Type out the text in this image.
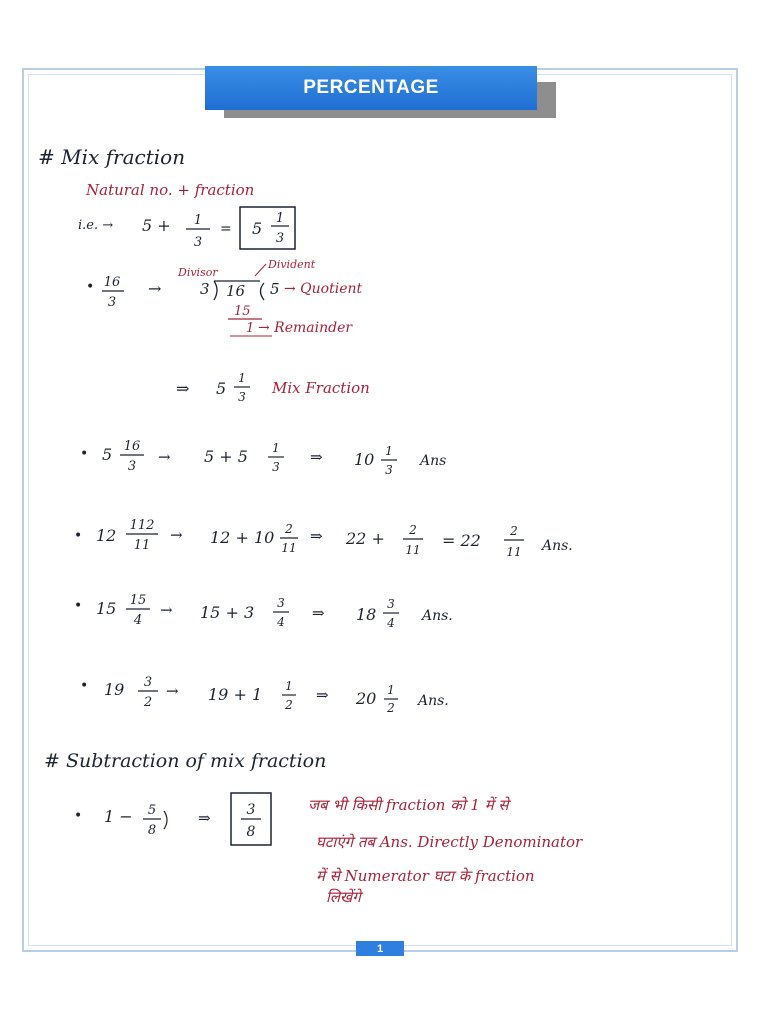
PERCENTAGE
# Mix fraction
Natural no. + fraction
i.e. → 5 + 1
3
= 5
1
3
• 16
3
→
Divisor
Divident
3 16 5 → Quotient
15
1 → Remainder
⇒ 5
1
3 Mix Fraction
• 5 16
3
→ 5 + 5 1
3
⇒ 10 1
3
Ans
• 12
112
11
→ 12 + 10 2
11
⇒ 22 + 2
11 = 22 2
11 Ans.
• 15 15
4
→ 15 + 3 3
4 ⇒ 18
3
4 Ans.
• 19 3
2
→ 19 + 1 1
2
⇒ 20 1
2 Ans.
# Subtraction of mix fraction
• 1 − 5
8
⇒	3
8
जब भी किसी fraction को 1 में से
घटाएंगे तब Ans. Directly Denominator
में से Numerator घटा के fraction
लिखेंगे
1
